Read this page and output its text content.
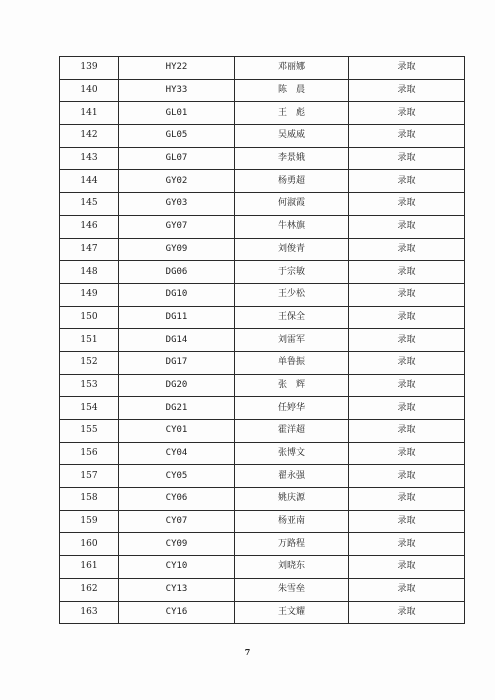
139	HY22	邓丽娜	录取
140	HY33	陈　晨	录取
141	GL01	王　彪	录取
142	GL05	吴威威	录取
143	GL07	李景娥	录取
144	GY02	杨勇超	录取
145	GY03	何淑霞	录取
146	GY07	牛林旗	录取
147	GY09	刘俊青	录取
148	DG06	于宗敏	录取
149	DG10	王少松	录取
150	DG11	王保全	录取
151	DG14	刘雷军	录取
152	DG17	单鲁振	录取
153	DG20	张　辉	录取
154	DG21	任婷华	录取
155	CY01	霍洋超	录取
156	CY04	张博文	录取
157	CY05	翟永强	录取
158	CY06	姚庆源	录取
159	CY07	杨亚南	录取
160	CY09	万路程	录取
161	CY10	刘晓东	录取
162	CY13	朱雪垒	录取
163	CY16	王文耀	录取
7
